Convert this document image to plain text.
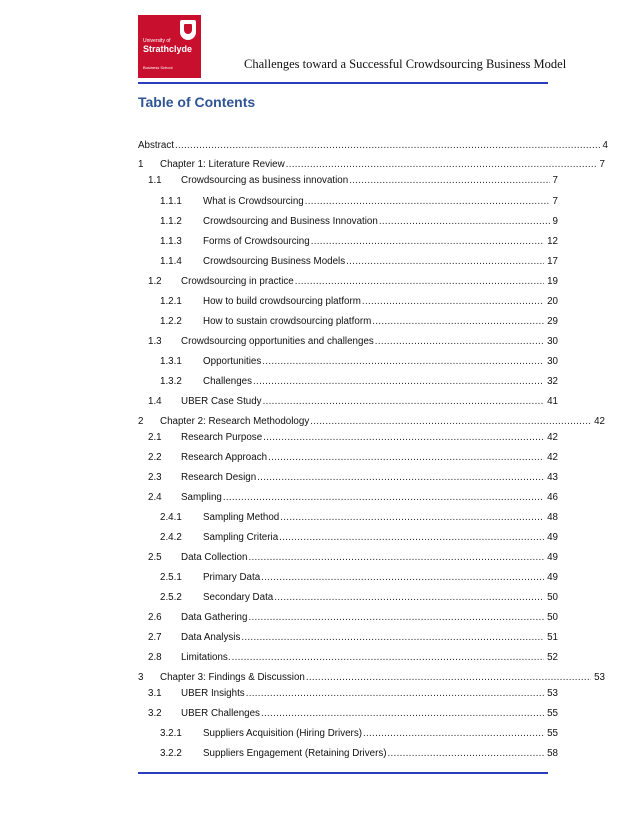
University of
Strathclyde
Business School	Challenges toward a Successful Crowdsourcing Business Model
Table of Contents
Abstract .....	4
1	Chapter 1: Literature Review .....	7
1.1	Crowdsourcing as business innovation .....	7
1.1.1	What is Crowdsourcing .....	7
1.1.2	Crowdsourcing and Business Innovation .....	9
1.1.3	Forms of Crowdsourcing .....	12
1.1.4	Crowdsourcing Business Models .....	17
1.2	Crowdsourcing in practice .....	19
1.2.1	How to build crowdsourcing platform .....	20
1.2.2	How to sustain crowdsourcing platform .....	29
1.3	Crowdsourcing opportunities and challenges .....	30
1.3.1	Opportunities .....	30
1.3.2	Challenges .....	32
1.4	UBER Case Study .....	41
2	Chapter 2: Research Methodology .....	42
2.1	Research Purpose .....	42
2.2	Research Approach .....	42
2.3	Research Design .....	43
2.4	Sampling .....	46
2.4.1	Sampling Method .....	48
2.4.2	Sampling Criteria .....	49
2.5	Data Collection .....	49
2.5.1	Primary Data .....	49
2.5.2	Secondary Data .....	50
2.6	Data Gathering .....	50
2.7	Data Analysis .....	51
2.8	Limitations. .....	52
3	Chapter 3: Findings & Discussion .....	53
3.1	UBER Insights .....	53
3.2	UBER Challenges .....	55
3.2.1	Suppliers Acquisition (Hiring Drivers) .....	55
3.2.2	Suppliers Engagement (Retaining Drivers) .....	58
